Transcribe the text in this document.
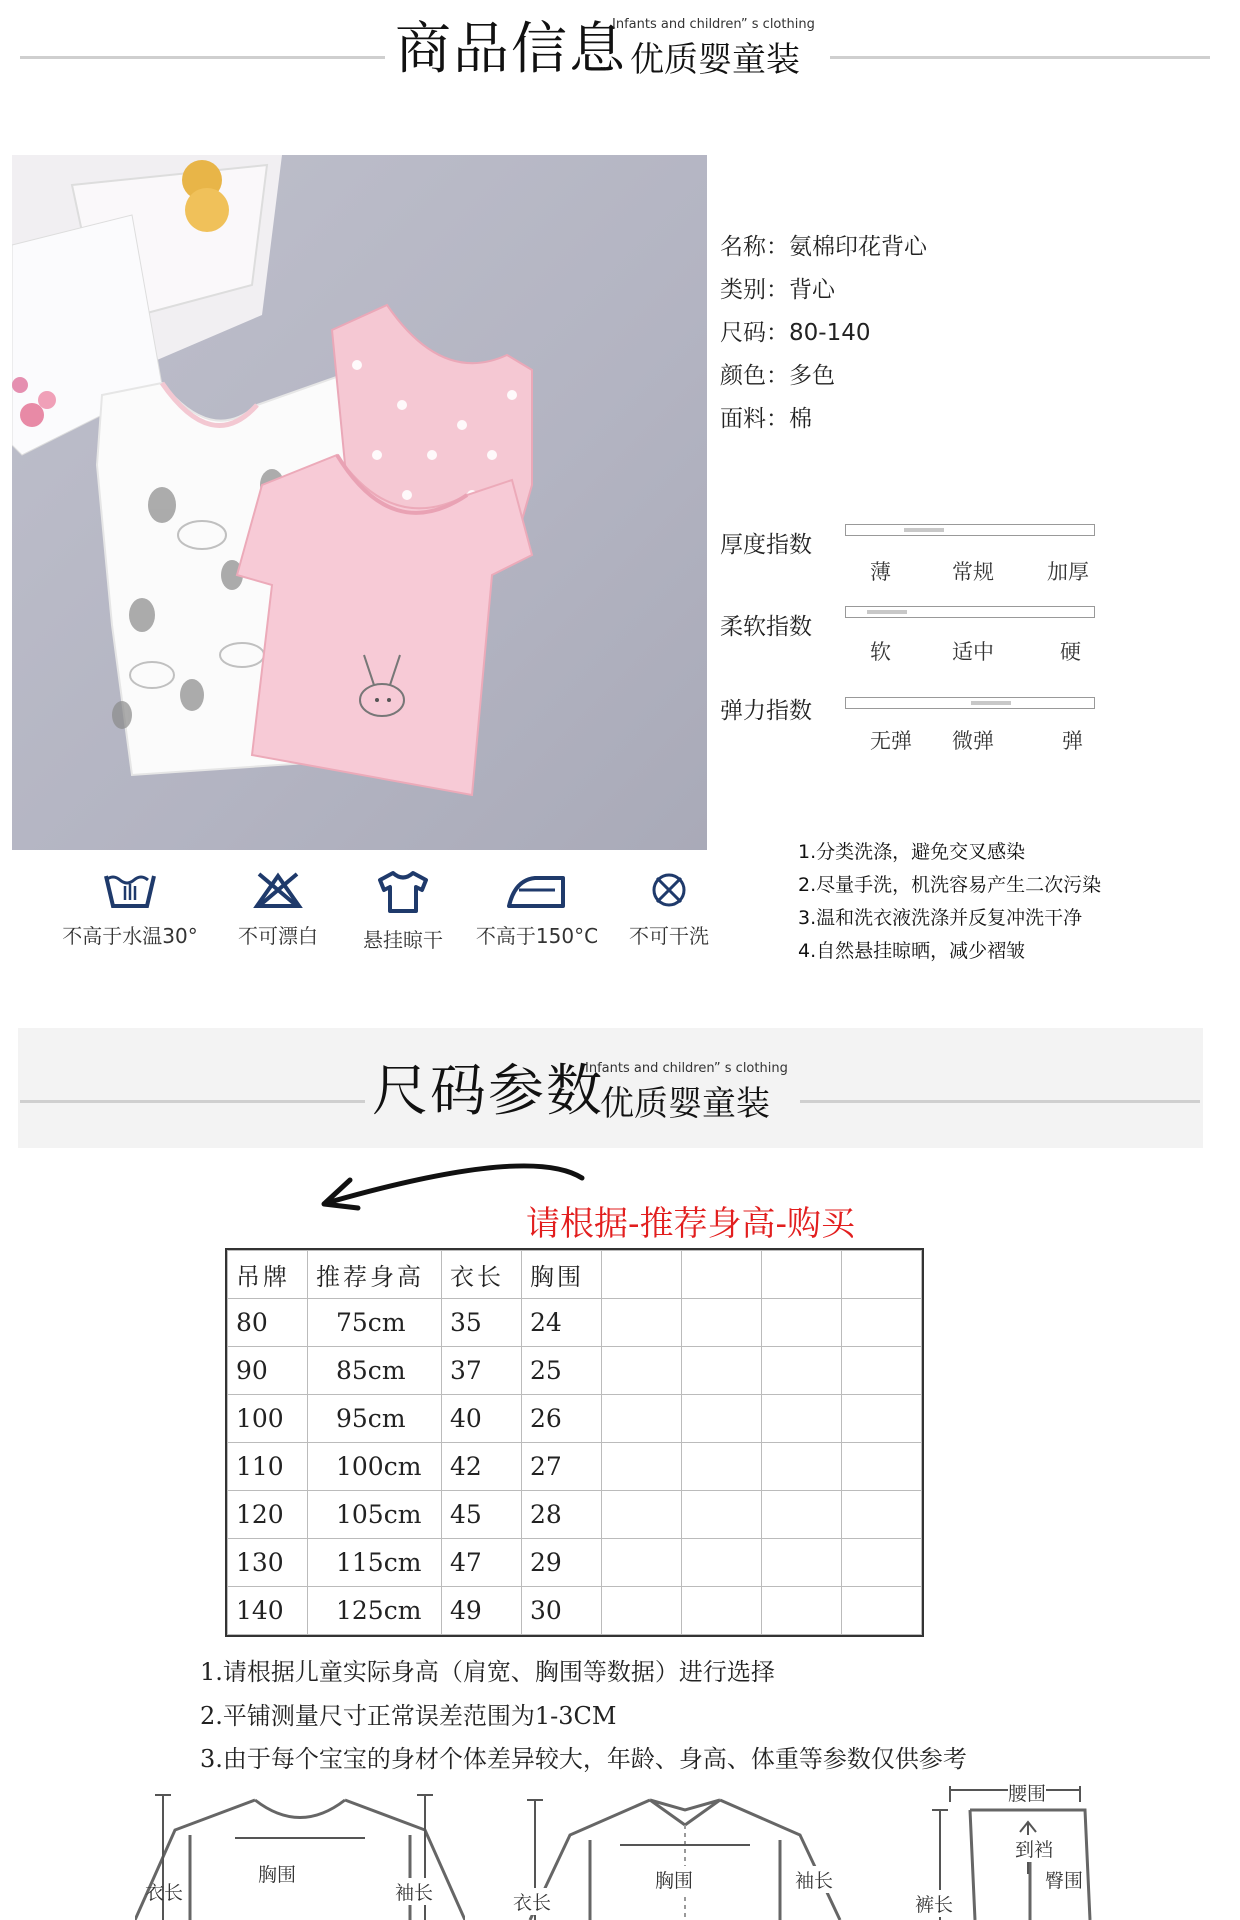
商品信息
Infants and children” s clothing
优质婴童装
名称：氨棉印花背心
类别：背心
尺码：80-140
颜色：多色
面料：棉
厚度指数
薄	常规	加厚
柔软指数
软	适中	硬
弹力指数
无弹 微弹	弹
不高于水温30°	不可漂白	悬挂晾干	不高于150°C	不可干洗
1.分类洗涤，避免交叉感染
2.尽量手洗，机洗容易产生二次污染
3.温和洗衣液洗涤并反复冲洗干净
4.自然悬挂晾晒，减少褶皱
尺码参数
Infants and children” s clothing
优质婴童装
请根据-推荐身高-购买
吊牌	推荐身高	衣长	胸围				
80	75cm	35	24				
90	85cm	37	25				
100	95cm	40	26				
110	100cm	42	27				
120	105cm	45	28				
130	115cm	47	29				
140	125cm	49	30				
1.请根据儿童实际身高（肩宽、胸围等数据）进行选择
2.平铺测量尺寸正常误差范围为1-3CM
3.由于每个宝宝的身材个体差异较大，年龄、身高、体重等参数仅供参考
衣长
胸围
袖长	衣长
胸围	袖长
腰围
到裆
臀围
裤长
